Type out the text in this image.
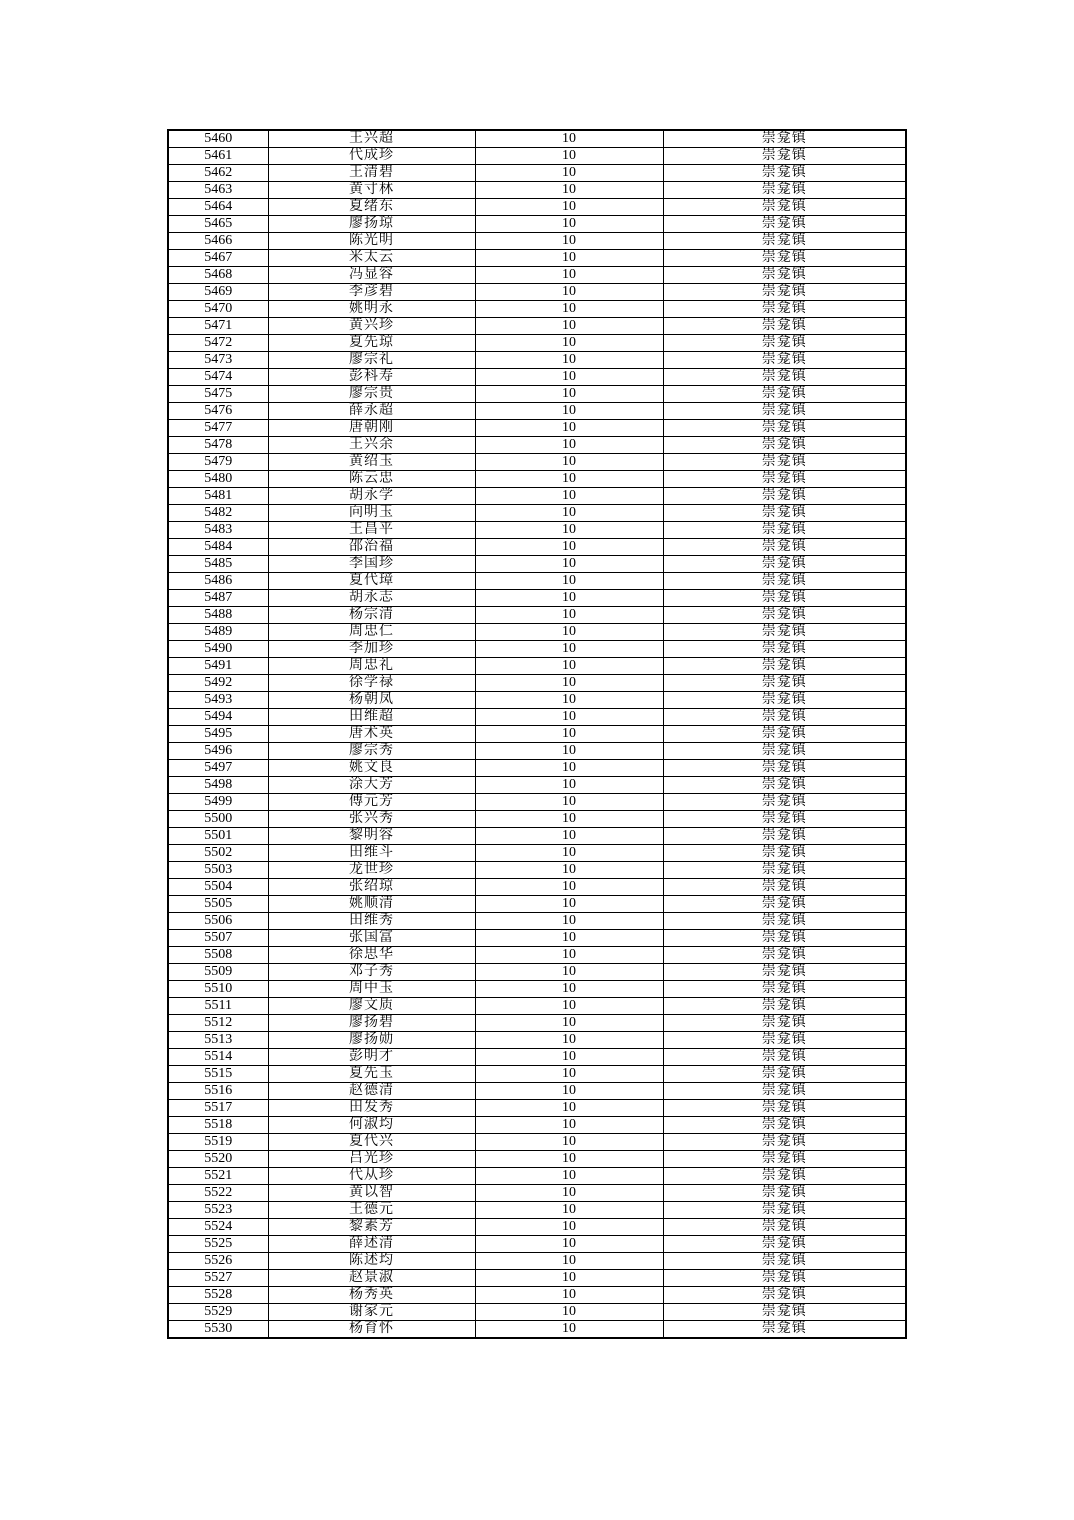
5460	王兴超	10	崇龛镇
5461	代成珍	10	崇龛镇
5462	王清碧	10	崇龛镇
5463	黄寸林	10	崇龛镇
5464	夏绪东	10	崇龛镇
5465	廖扬琼	10	崇龛镇
5466	陈光明	10	崇龛镇
5467	米太云	10	崇龛镇
5468	冯显容	10	崇龛镇
5469	李彦碧	10	崇龛镇
5470	姚明永	10	崇龛镇
5471	黄兴珍	10	崇龛镇
5472	夏先琼	10	崇龛镇
5473	廖宗礼	10	崇龛镇
5474	彭科寿	10	崇龛镇
5475	廖宗贵	10	崇龛镇
5476	薛永超	10	崇龛镇
5477	唐朝刚	10	崇龛镇
5478	王兴余	10	崇龛镇
5479	黄绍玉	10	崇龛镇
5480	陈云忠	10	崇龛镇
5481	胡永学	10	崇龛镇
5482	向明玉	10	崇龛镇
5483	王昌平	10	崇龛镇
5484	邵治福	10	崇龛镇
5485	李国珍	10	崇龛镇
5486	夏代璋	10	崇龛镇
5487	胡永志	10	崇龛镇
5488	杨宗清	10	崇龛镇
5489	周忠仁	10	崇龛镇
5490	李加珍	10	崇龛镇
5491	周忠礼	10	崇龛镇
5492	徐学禄	10	崇龛镇
5493	杨朝凤	10	崇龛镇
5494	田维超	10	崇龛镇
5495	唐术英	10	崇龛镇
5496	廖宗秀	10	崇龛镇
5497	姚文良	10	崇龛镇
5498	涂大芳	10	崇龛镇
5499	傅元芳	10	崇龛镇
5500	张兴秀	10	崇龛镇
5501	黎明容	10	崇龛镇
5502	田维斗	10	崇龛镇
5503	龙世珍	10	崇龛镇
5504	张绍琼	10	崇龛镇
5505	姚顺清	10	崇龛镇
5506	田维秀	10	崇龛镇
5507	张国富	10	崇龛镇
5508	徐思华	10	崇龛镇
5509	邓子秀	10	崇龛镇
5510	周中玉	10	崇龛镇
5511	廖文质	10	崇龛镇
5512	廖扬碧	10	崇龛镇
5513	廖扬勋	10	崇龛镇
5514	彭明才	10	崇龛镇
5515	夏先玉	10	崇龛镇
5516	赵德清	10	崇龛镇
5517	田发秀	10	崇龛镇
5518	何淑均	10	崇龛镇
5519	夏代兴	10	崇龛镇
5520	吕光珍	10	崇龛镇
5521	代从珍	10	崇龛镇
5522	黄以智	10	崇龛镇
5523	王德元	10	崇龛镇
5524	黎素芳	10	崇龛镇
5525	薛述清	10	崇龛镇
5526	陈述均	10	崇龛镇
5527	赵景淑	10	崇龛镇
5528	杨秀英	10	崇龛镇
5529	谢家元	10	崇龛镇
5530	杨育怀	10	崇龛镇
